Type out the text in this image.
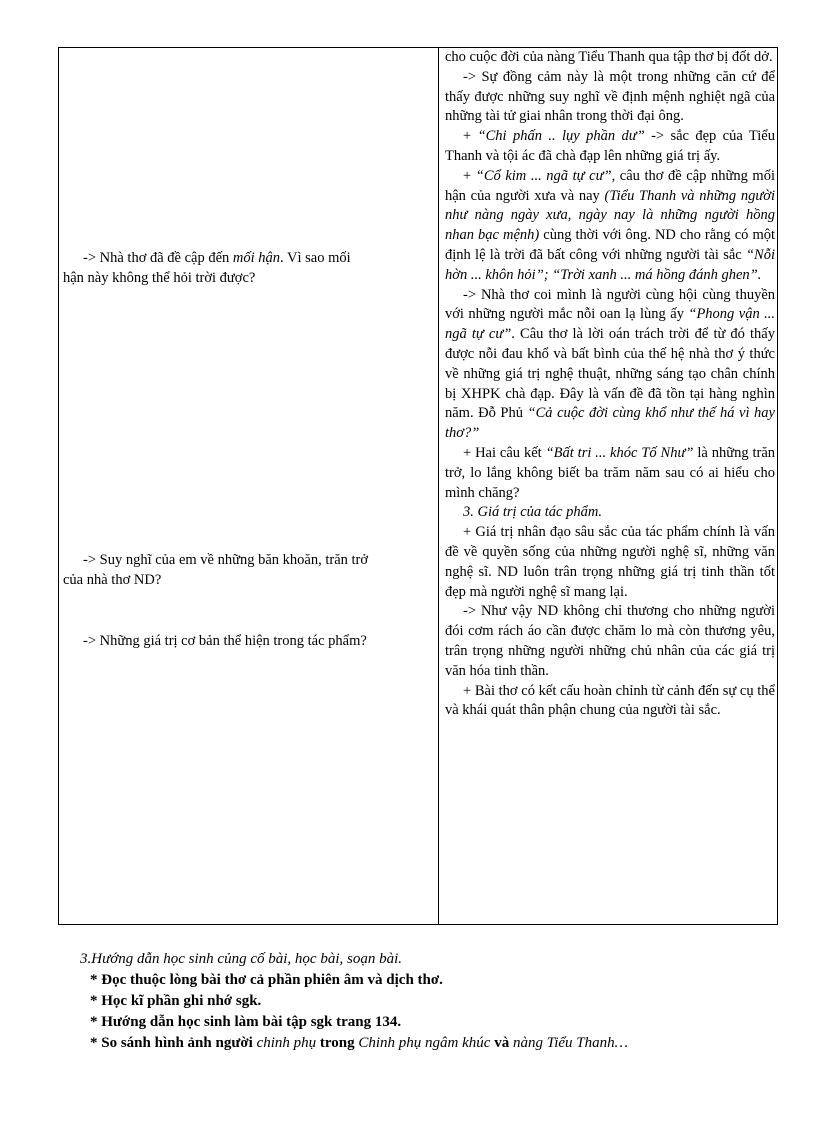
-> Nhà thơ đã đề cập đến mối hận. Vì sao mối
hận này không thể hỏi trời được?
-> Suy nghĩ của em về những băn khoăn, trăn trở
của nhà thơ ND?
-> Những giá trị cơ bản thể hiện trong tác phẩm?

cho cuộc đời của nàng Tiểu Thanh qua tập thơ bị đốt dở.

-> Sự đồng cảm này là một trong những căn cứ để thấy được những suy nghĩ về định mệnh nghiệt ngã của những tài tử giai nhân trong thời đại ông.

+ “Chi phấn .. lụy phần dư” -> sắc đẹp của Tiểu Thanh và tội ác đã chà đạp lên những giá trị ấy.

+ “Cổ kim ... ngã tự cư”, câu thơ đề cập những mối hận của người xưa và nay (Tiểu Thanh và những người như nàng ngày xưa, ngày nay là những người hồng nhan bạc mệnh) cùng thời với ông. ND cho rằng có một định lệ là trời đã bất công với những người tài sắc “Nỗi hờn ... khôn hỏi”; “Trời xanh ... má hồng đánh ghen”.

-> Nhà thơ coi mình là người cùng hội cùng thuyền với những người mắc nỗi oan lạ lùng ấy “Phong vận ... ngã tự cư”. Câu thơ là lời oán trách trời để từ đó thấy được nỗi đau khổ và bất bình của thế hệ nhà thơ ý thức về những giá trị nghệ thuật, những sáng tạo chân chính bị XHPK chà đạp. Đây là vấn đề đã tồn tại hàng nghìn năm. Đỗ Phủ “Cả cuộc đời cùng khổ như thế há vì hay thơ?”

+ Hai câu kết “Bất tri ... khóc Tố Như” là những trăn trở, lo lắng không biết ba trăm năm sau có ai hiểu cho mình chăng?

3. Giá trị của tác phẩm.

+ Giá trị nhân đạo sâu sắc của tác phẩm chính là vấn đề về quyền sống của những người nghệ sĩ, những văn nghệ sĩ. ND luôn trân trọng những giá trị tinh thần tốt đẹp mà người nghệ sĩ mang lại.

-> Như vậy ND không chỉ thương cho những người đói cơm rách áo cần được chăm lo mà còn thương yêu, trân trọng những người những chủ nhân của các giá trị văn hóa tinh thần.

+ Bài thơ có kết cấu hoàn chỉnh từ cảnh đến sự cụ thể và khái quát thân phận chung của người tài sắc.

3.Hướng dẫn học sinh củng cố bài, học bài, soạn bài.
* Đọc thuộc lòng bài thơ cả phần phiên âm và dịch thơ.
* Học kĩ phần ghi nhớ sgk.
* Hướng dẫn học sinh làm bài tập sgk trang 134.
* So sánh hình ảnh người chinh phụ trong Chinh phụ ngâm khúc và nàng Tiểu Thanh…
